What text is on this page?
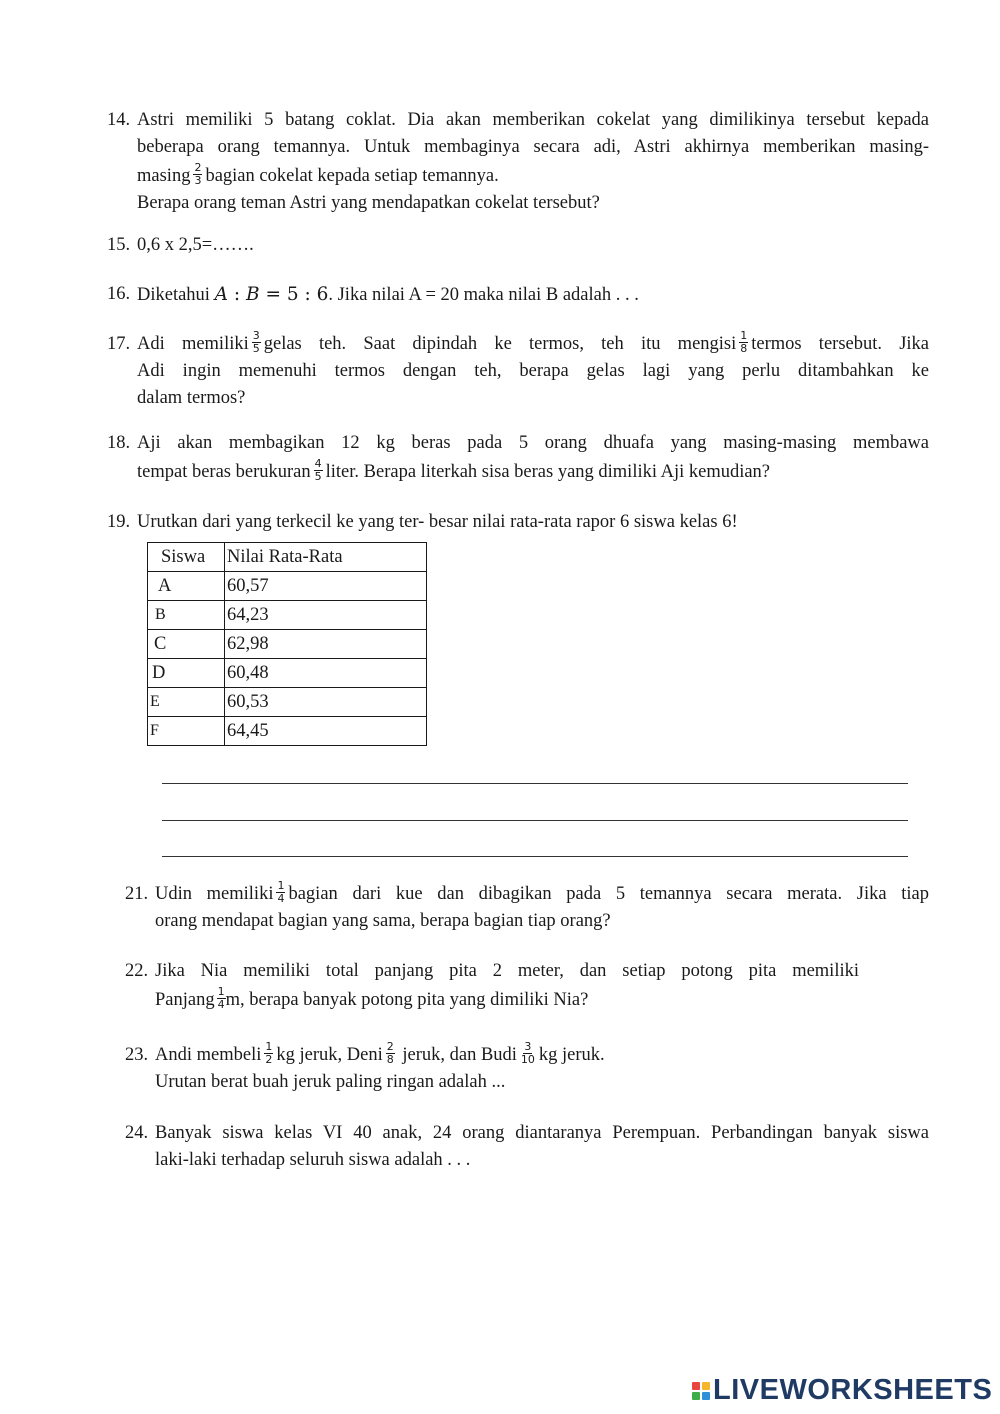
14. Astri memiliki 5 batang coklat. Dia akan memberikan cokelat yang dimilikinya tersebut kepada
beberapa orang temannya. Untuk membaginya secara adi, Astri akhirnya memberikan masing-
masing $\frac{2}{3}$ bagian cokelat kepada setiap temannya.
Berapa orang teman Astri yang mendapatkan cokelat tersebut?
15. 0,6 x 2,5=…….
16. Diketahui A : B = 5 : 6. Jika nilai A = 20 maka nilai B adalah . . .
17. Adi memiliki $\frac{3}{5}$ gelas teh. Saat dipindah ke termos, teh itu mengisi $\frac{1}{8}$ termos tersebut. Jika
Adi ingin memenuhi termos dengan teh, berapa gelas lagi yang perlu ditambahkan ke
dalam termos?
18. Aji akan membagikan 12 kg beras pada 5 orang dhuafa yang masing-masing membawa
tempat beras berukuran $\frac{4}{5}$ liter. Berapa literkah sisa beras yang dimiliki Aji kemudian?
19. Urutkan dari yang terkecil ke yang ter- besar nilai rata-rata rapor 6 siswa kelas 6!
Siswa	Nilai Rata-Rata
A	60,57
B	64,23
C	62,98
D	60,48
E	60,53
F	64,45
21. Udin memiliki $\frac{1}{4}$ bagian dari kue dan dibagikan pada 5 temannya secara merata. Jika tiap
orang mendapat bagian yang sama, berapa bagian tiap orang?
22. Jika Nia memiliki total panjang pita 2 meter, dan setiap potong pita memiliki
Panjang $\frac{1}{4} m$, berapa banyak potong pita yang dimiliki Nia?
23. Andi membeli $\frac{1}{2}$ kg jeruk, Deni $\frac{2}{8}$ jeruk, dan Budi $\frac{3}{10}$ kg jeruk.
Urutan berat buah jeruk paling ringan adalah ...
24. Banyak siswa kelas VI 40 anak, 24 orang diantaranya Perempuan. Perbandingan banyak siswa
laki-laki terhadap seluruh siswa adalah . . .
LIVEWORKSHEETS
